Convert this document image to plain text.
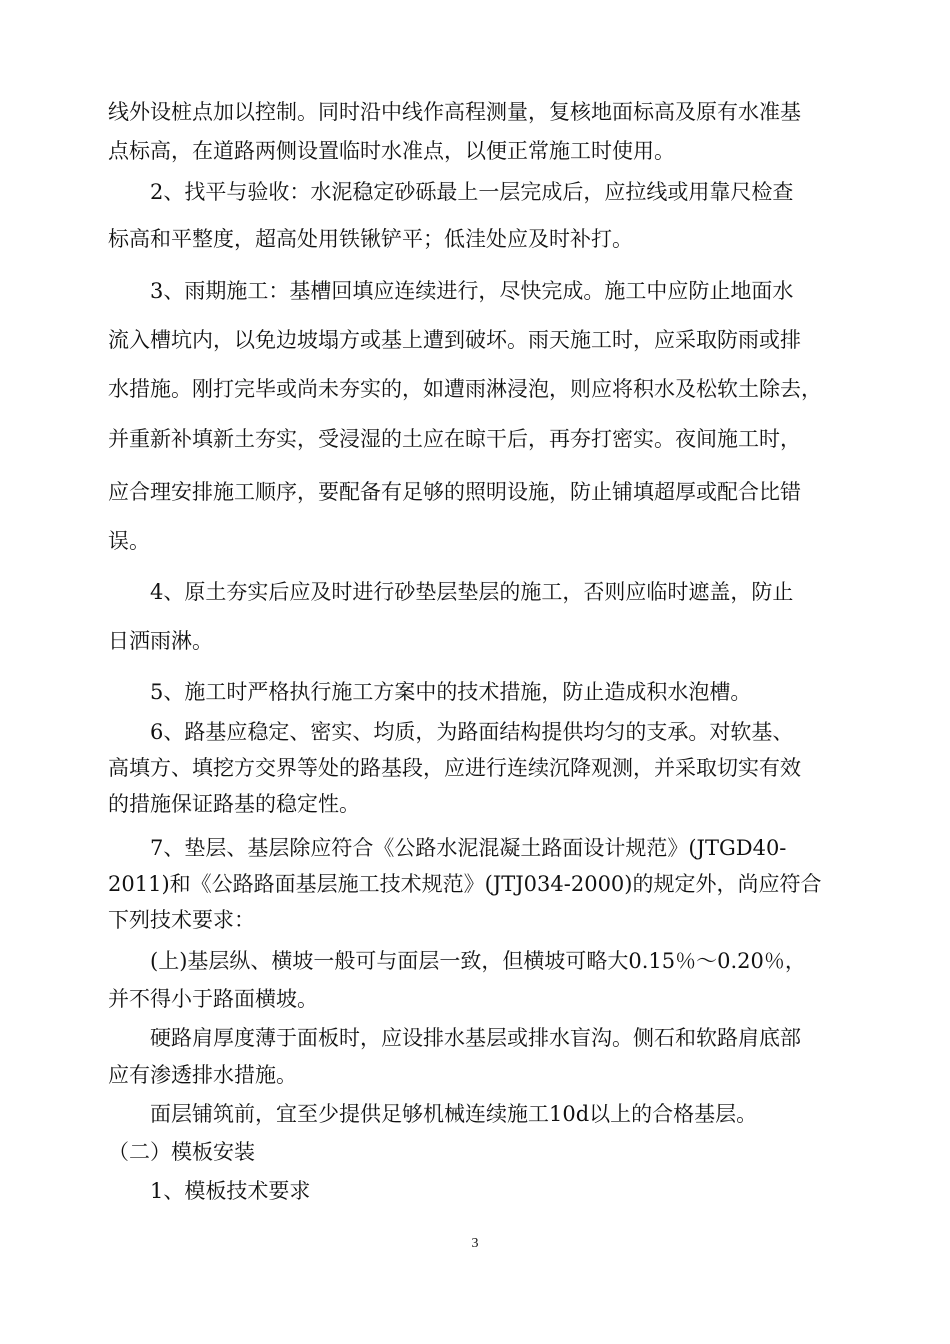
线外设桩点加以控制。同时沿中线作高程测量，复核地面标高及原有水准基
点标高，在道路两侧设置临时水准点，以便正常施工时使用。
2、找平与验收：水泥稳定砂砾最上一层完成后，应拉线或用靠尺检查
标高和平整度，超高处用铁锹铲平；低洼处应及时补打。
3、雨期施工：基槽回填应连续进行，尽快完成。施工中应防止地面水
流入槽坑内，以免边坡塌方或基上遭到破坏。雨天施工时，应采取防雨或排
水措施。刚打完毕或尚未夯实的，如遭雨淋浸泡，则应将积水及松软土除去，
并重新补填新土夯实，受浸湿的土应在晾干后，再夯打密实。夜间施工时，
应合理安排施工顺序，要配备有足够的照明设施，防止铺填超厚或配合比错
误。
4、原土夯实后应及时进行砂垫层垫层的施工，否则应临时遮盖，防止
日洒雨淋。
5、施工时严格执行施工方案中的技术措施，防止造成积水泡槽。
6、路基应稳定、密实、均质，为路面结构提供均匀的支承。对软基、
高填方、填挖方交界等处的路基段，应进行连续沉降观测，并采取切实有效
的措施保证路基的稳定性。
7、垫层、基层除应符合《公路水泥混凝土路面设计规范》(JTGD40-
2011)和《公路路面基层施工技术规范》(JTJ034-2000)的规定外，尚应符合
下列技术要求：
(上)基层纵、横坡一般可与面层一致，但横坡可略大0.15％～0.20％，
并不得小于路面横坡。
硬路肩厚度薄于面板时，应设排水基层或排水盲沟。侧石和软路肩底部
应有渗透排水措施。
面层铺筑前，宜至少提供足够机械连续施工10d以上的合格基层。
（二）模板安装
1、模板技术要求
3
